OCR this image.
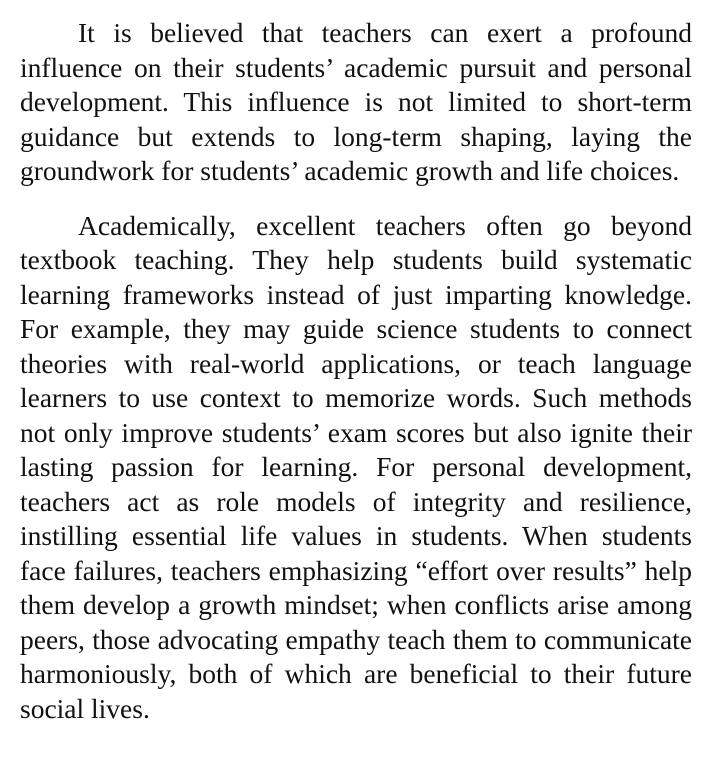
It is believed that teachers can exert a profound influence on their students’ academic pursuit and personal development. This influence is not limited to short-term guidance but extends to long-term shaping, laying the groundwork for students’ academic growth and life choices.

Academically, excellent teachers often go beyond textbook teaching. They help students build systematic learning frameworks instead of just imparting knowledge. For example, they may guide science students to connect theories with real-world applications, or teach language learners to use context to memorize words. Such methods not only improve students’ exam scores but also ignite their lasting passion for learning. For personal development, teachers act as role models of integrity and resilience, instilling essential life values in students. When students face failures, teachers emphasizing “effort over results” help them develop a growth mindset; when conflicts arise among peers, those advocating empathy teach them to communicate harmoniously, both of which are beneficial to their future social lives.
